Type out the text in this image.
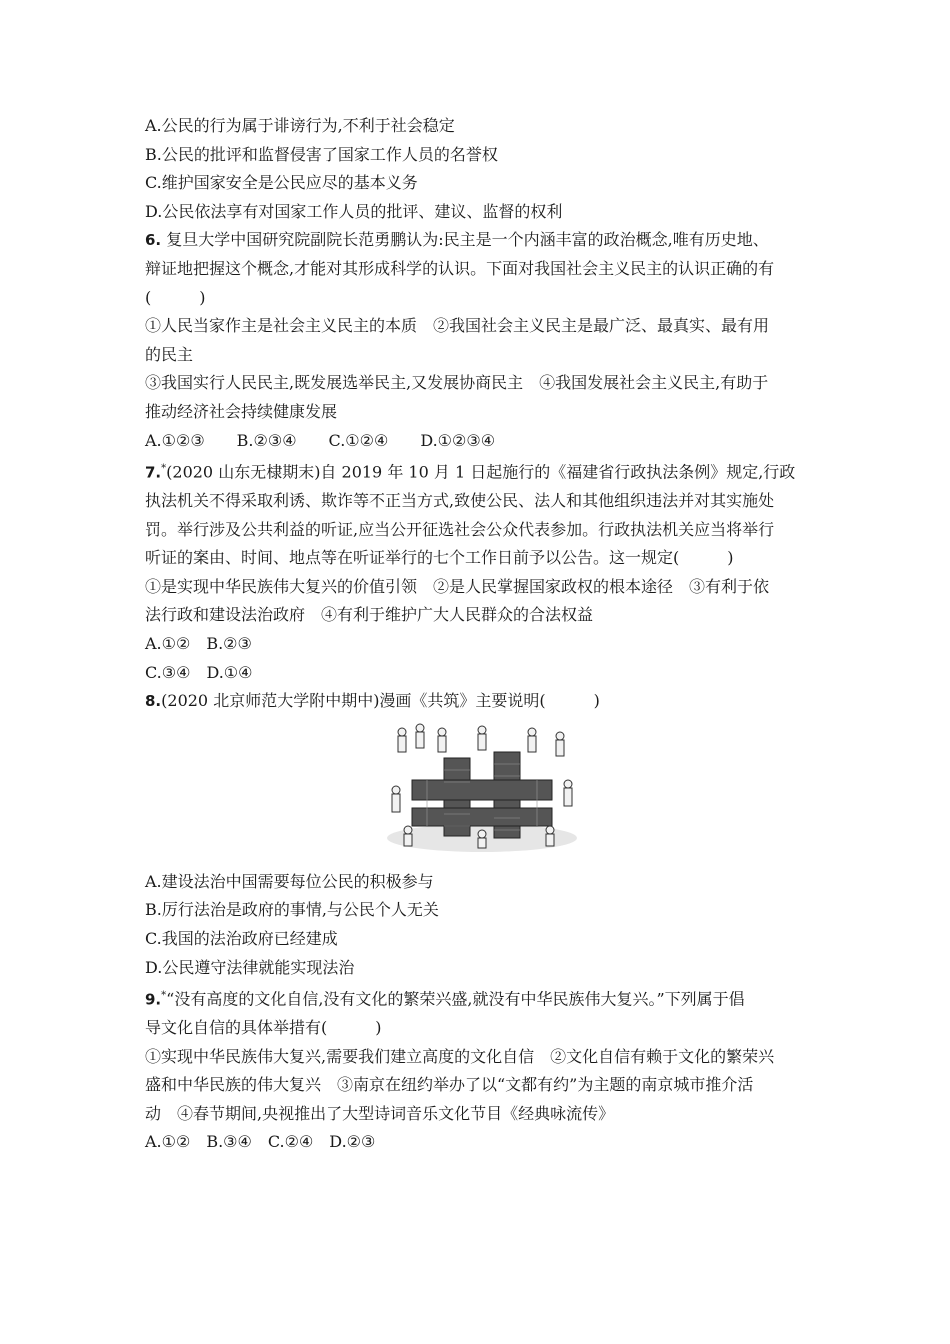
A.公民的行为属于诽谤行为,不利于社会稳定
B.公民的批评和监督侵害了国家工作人员的名誉权
C.维护国家安全是公民应尽的基本义务
D.公民依法享有对国家工作人员的批评、建议、监督的权利
6. 复旦大学中国研究院副院长范勇鹏认为:民主是一个内涵丰富的政治概念,唯有历史地、
辩证地把握这个概念,才能对其形成科学的认识。下面对我国社会主义民主的认识正确的有
(　　　)
①人民当家作主是社会主义民主的本质　②我国社会主义民主是最广泛、最真实、最有用
的民主
③我国实行人民民主,既发展选举民主,又发展协商民主　④我国发展社会主义民主,有助于
推动经济社会持续健康发展
A.①②③　　B.②③④　　C.①②④　　D.①②③④
7.*(2020 山东无棣期末)自 2019 年 10 月 1 日起施行的《福建省行政执法条例》规定,行政
执法机关不得采取利诱、欺诈等不正当方式,致使公民、法人和其他组织违法并对其实施处
罚。举行涉及公共利益的听证,应当公开征选社会公众代表参加。行政执法机关应当将举行
听证的案由、时间、地点等在听证举行的七个工作日前予以公告。这一规定(　　　)
①是实现中华民族伟大复兴的价值引领　②是人民掌握国家政权的根本途径　③有利于依
法行政和建设法治政府　④有利于维护广大人民群众的合法权益
A.①②　B.②③
C.③④　D.①④
8.(2020 北京师范大学附中期中)漫画《共筑》主要说明(　　　)
A.建设法治中国需要每位公民的积极参与
B.厉行法治是政府的事情,与公民个人无关
C.我国的法治政府已经建成
D.公民遵守法律就能实现法治
9.*“没有高度的文化自信,没有文化的繁荣兴盛,就没有中华民族伟大复兴。”下列属于倡
导文化自信的具体举措有(　　　)
①实现中华民族伟大复兴,需要我们建立高度的文化自信　②文化自信有赖于文化的繁荣兴
盛和中华民族的伟大复兴　③南京在纽约举办了以“文都有约”为主题的南京城市推介活
动　④春节期间,央视推出了大型诗词音乐文化节目《经典咏流传》
A.①②　B.③④　C.②④　D.②③
